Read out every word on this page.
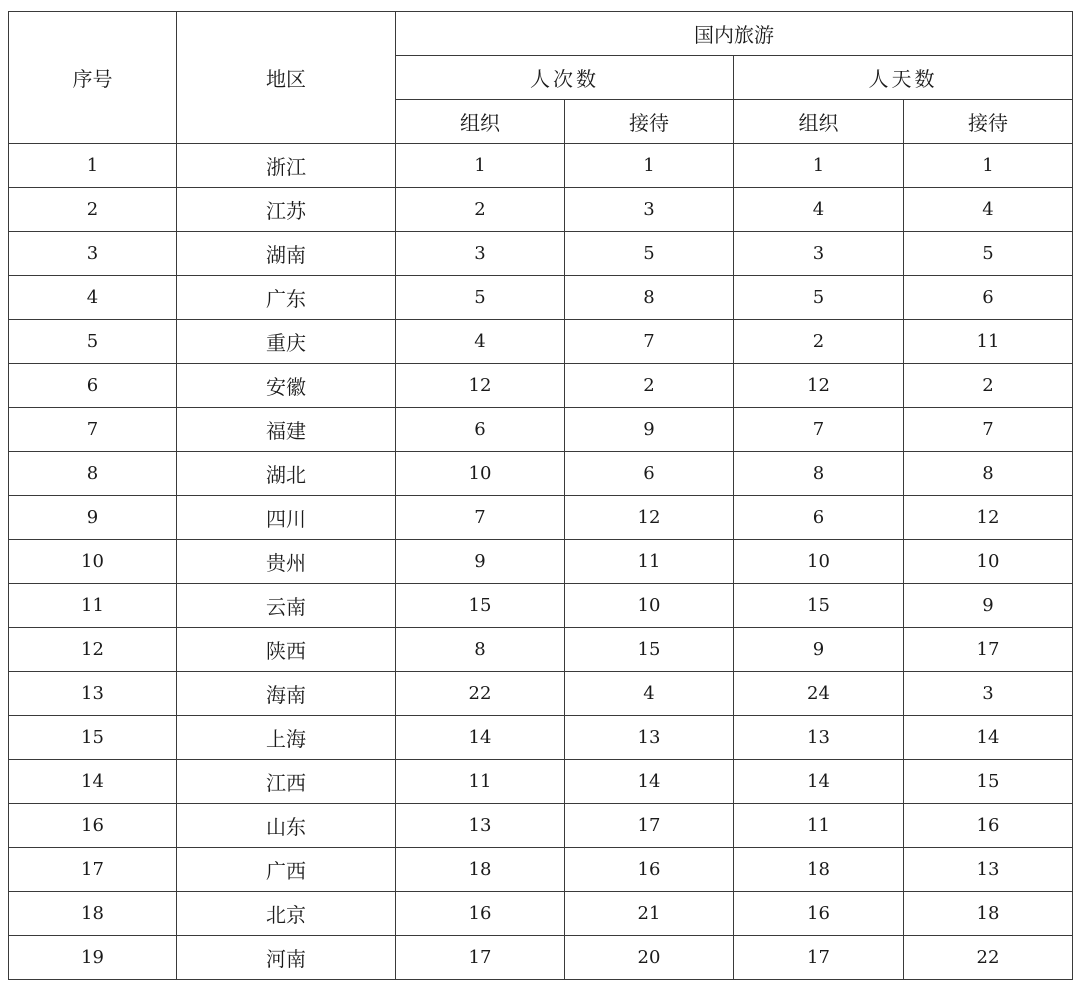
序号	地区	国内旅游			
		人次数		人天数	
		组织	接待	组织	接待
1	浙江	1	1	1	1
2	江苏	2	3	4	4
3	湖南	3	5	3	5
4	广东	5	8	5	6
5	重庆	4	7	2	11
6	安徽	12	2	12	2
7	福建	6	9	7	7
8	湖北	10	6	8	8
9	四川	7	12	6	12
10	贵州	9	11	10	10
11	云南	15	10	15	9
12	陕西	8	15	9	17
13	海南	22	4	24	3
15	上海	14	13	13	14
14	江西	11	14	14	15
16	山东	13	17	11	16
17	广西	18	16	18	13
18	北京	16	21	16	18
19	河南	17	20	17	22
